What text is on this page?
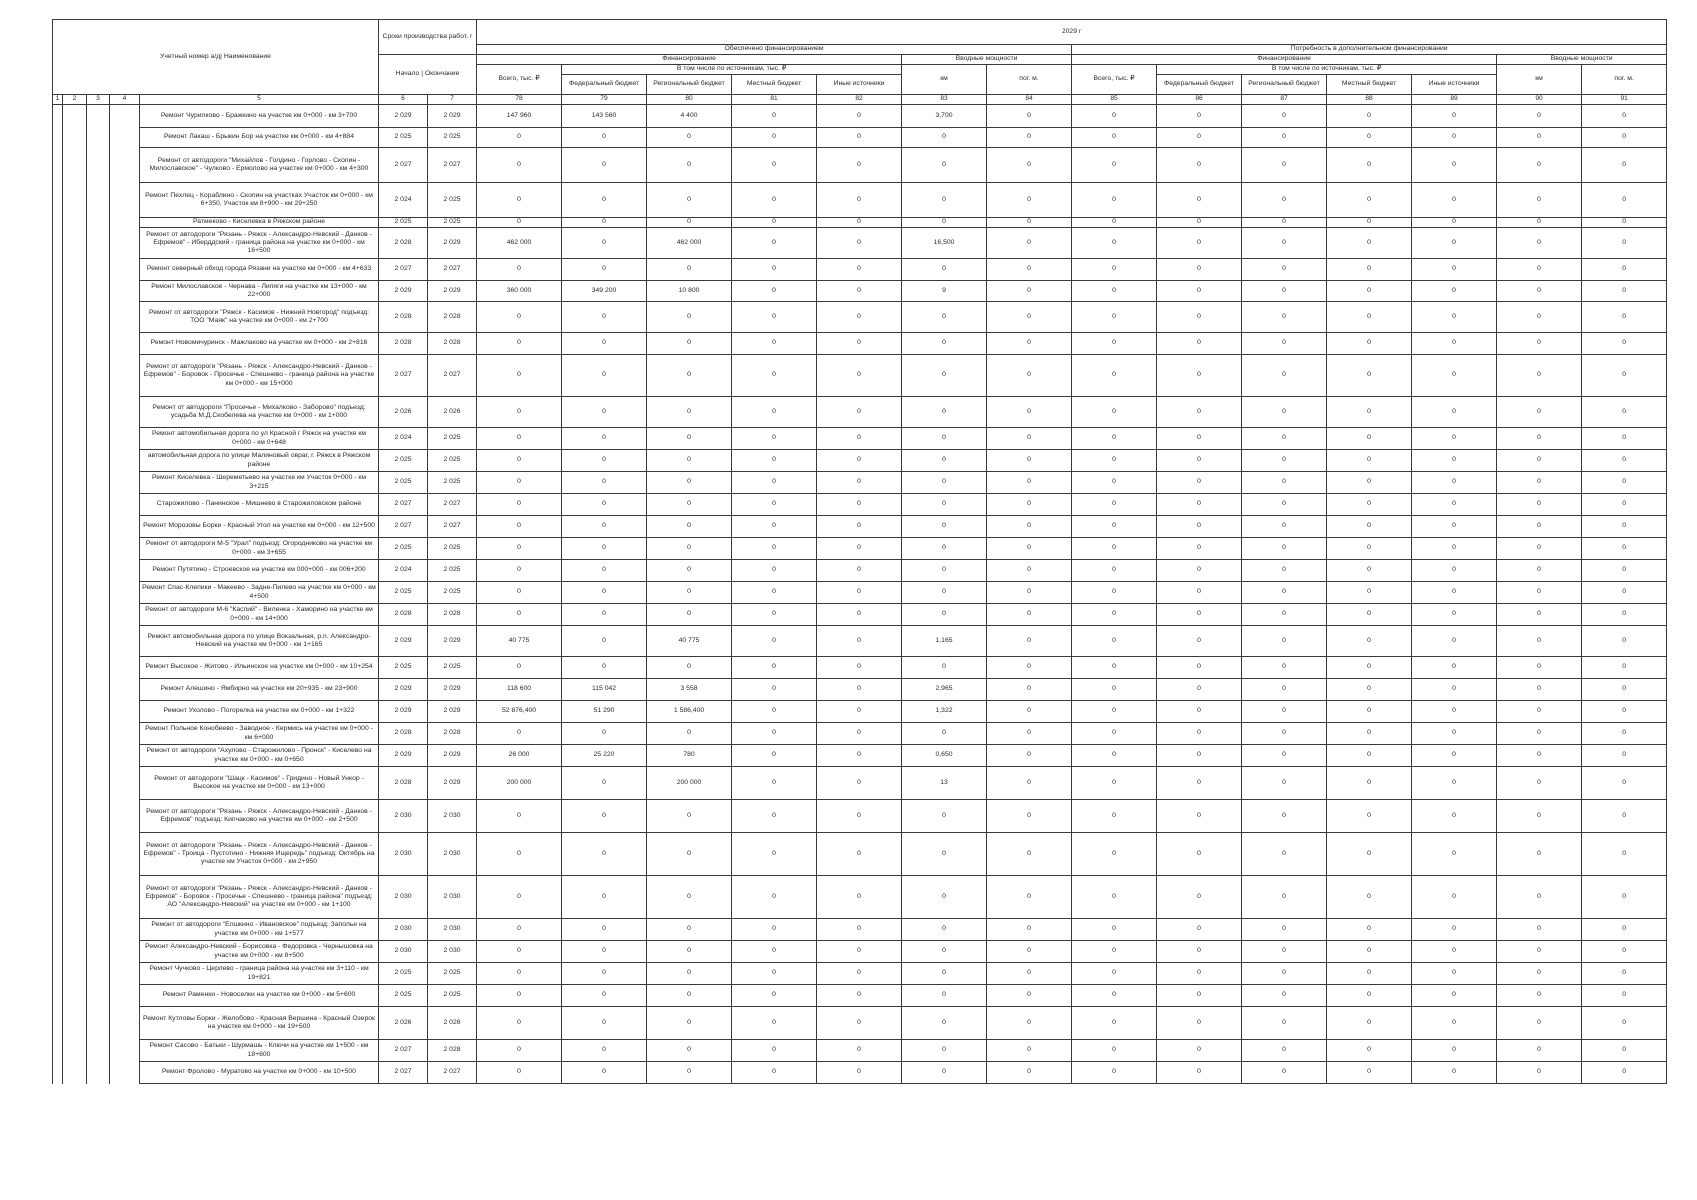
Учетный номер а/д| Наименование					Сроки производства работ, г		2029 г													
							Обеспечено финансированием							Потребность в дополнительном финансировании						
					Начало | Окончание		Финансирование					Вводные мощности		Финансирование					Вводные мощности	
							Всего, тыс. ₽	В том числе по источникам, тыс. ₽				км	пог. м.	Всего, тыс. ₽	В том числе по источникам, тыс. ₽				км	пог. м.
								Федеральный бюджет	Региональный бюджет	Местный бюджет	Иные источники				Федеральный бюджет	Региональный бюджет	Местный бюджет	Иные источники		
1	2	3	4	5	6	7	78	79	80	81	82	83	84	85	86	87	88	89	90	91
				Ремонт Чурилково - Бражкино на участке км 0+000 - км 3+700	2 029	2 029	147 960	143 560	4 400	0	0	3,700	0	0	0	0	0	0	0	0
				Ремонт Лакаш - Брыкин Бор на участке км 0+000 - км 4+884	2 025	2 025	0	0	0	0	0	0	0	0	0	0	0	0	0	0
				Ремонт от автодороги "Михайлов - Голдино - Горлово - Скопин - Милославское" - Чулково - Ермолово на участке км 0+000 - км 4+300	2 027	2 027	0	0	0	0	0	0	0	0	0	0	0	0	0	0
				Ремонт Пехлец - Кораблино - Скопин на участках Участок км 0+000 - км 6+350, Участок км 8+900 - км 29+250	2 024	2 025	0	0	0	0	0	0	0	0	0	0	0	0	0	0
				Ратмеково - Киселевка в Ряжском районе	2 025	2 025	0	0	0	0	0	0	0	0	0	0	0	0	0	0
				Ремонт от автодороги "Рязань - Ряжск - Александро-Невский - Данков - Ефремов" - Иберддский - граница района на участке км 0+000 - км 16+500	2 028	2 029	462 000	0	462 000	0	0	16,500	0	0	0	0	0	0	0	0
				Ремонт северный обход города Рязани на участке км 0+000 - км 4+633	2 027	2 027	0	0	0	0	0	0	0	0	0	0	0	0	0	0
				Ремонт Милославское - Чернава - Липяги на участке км 13+000 - км 22+000	2 029	2 029	360 000	349 200	10 800	0	0	9	0	0	0	0	0	0	0	0
				Ремонт от автодороги "Ряжск - Касимов - Нижний Новгород" подъезд: ТОО "Маяк" на участке км 0+000 - км 2+700	2 028	2 028	0	0	0	0	0	0	0	0	0	0	0	0	0	0
				Ремонт Новомичуринск - Мажлаково на участке км 0+000 - км 2+816	2 028	2 028	0	0	0	0	0	0	0	0	0	0	0	0	0	0
				Ремонт от автодороги "Рязань - Ряжск - Александро-Невский - Данков - Ефремов" - Боровок - Просечье - Спешнево - граница района на участке км 0+000 - км 15+000	2 027	2 027	0	0	0	0	0	0	0	0	0	0	0	0	0	0
				Ремонт от автодороги "Просечье - Михалково - Заборово" подъезд: усадьба М.Д.Скобелева на участке км 0+000 - км 1+000	2 026	2 026	0	0	0	0	0	0	0	0	0	0	0	0	0	0
				Ремонт автомобильная дорога по ул Красной г Ряжск на участке км 0+000 - км 0+648	2 024	2 025	0	0	0	0	0	0	0	0	0	0	0	0	0	0
				автомобильная дорога по улице Малиновый овраг, г. Ряжск в Ряжском районе	2 025	2 025	0	0	0	0	0	0	0	0	0	0	0	0	0	0
				Ремонт Киселевка - Шереметьево на участке км Участок 0+000 - км 3+215	2 025	2 025	0	0	0	0	0	0	0	0	0	0	0	0	0	0
				Старожилово - Панинское - Мишнево в Старожиловском районе	2 027	2 027	0	0	0	0	0	0	0	0	0	0	0	0	0	0
				Ремонт Морозовы Борки - Красный Угол на участке км 0+000 - км 12+500	2 027	2 027	0	0	0	0	0	0	0	0	0	0	0	0	0	0
				Ремонт от автодороги М-5 "Урал" подъезд: Огородниково на участке км 0+000 - км 3+655	2 025	2 025	0	0	0	0	0	0	0	0	0	0	0	0	0	0
				Ремонт Путятино - Строевское на участке км 000+000 - км 006+200	2 024	2 025	0	0	0	0	0	0	0	0	0	0	0	0	0	0
				Ремонт Спас-Клепики - Макеево - Задне-Пилево на участке км 0+000 - км 4+500	2 025	2 025	0	0	0	0	0	0	0	0	0	0	0	0	0	0
				Ремонт от автодороги М-6 "Каспий" - Виленка - Хаморино на участке км 0+000 - км 14+000	2 028	2 028	0	0	0	0	0	0	0	0	0	0	0	0	0	0
				Ремонт автомобильная дорога по улице Вокзальная, р.п. Александро-Невский на участке км 0+000 - км 1+165	2 029	2 029	40 775	0	40 775	0	0	1,165	0	0	0	0	0	0	0	0
				Ремонт Высокое - Житово - Ильинское на участке км 0+000 - км 10+254	2 025	2 025	0	0	0	0	0	0	0	0	0	0	0	0	0	0
				Ремонт Алешино - Ямбирно на участке км 20+935 - км 23+900	2 029	2 029	118 600	115 042	3 558	0	0	2,965	0	0	0	0	0	0	0	0
				Ремонт Ухолово - Погорелка на участке км 0+000 - км 1+322	2 029	2 029	52 876,400	51 290	1 586,400	0	0	1,322	0	0	0	0	0	0	0	0
				Ремонт Польное Конобеево - Заводное - Кермись на участке км 0+000 - км 6+000	2 028	2 028	0	0	0	0	0	0	0	0	0	0	0	0	0	0
				Ремонт от автодороги "Ахулово - Старожилово - Пронск" - Киселево на участке км 0+000 - км 0+650	2 029	2 029	26 000	25 220	780	0	0	0,650	0	0	0	0	0	0	0	0
				Ремонт от автодороги "Шацк - Касимов" - Гридино - Новый Ункор - Высокое на участке км 0+000 - км 13+000	2 028	2 029	200 000	0	200 000	0	0	13	0	0	0	0	0	0	0	0
				Ремонт от автодороги "Рязань - Ряжск - Александро-Невский - Данков - Ефремов" подъезд: Кипчаково на участке км 0+000 - км 2+500	2 030	2 030	0	0	0	0	0	0	0	0	0	0	0	0	0	0
				Ремонт от автодороги "Рязань - Ряжск - Александро-Невский - Данков - Ефремов" - Троица - Пустотино - Нижняя Ищередь" подъезд: Октябрь на участке км Участок 0+000 - км 2+950	2 030	2 030	0	0	0	0	0	0	0	0	0	0	0	0	0	0
				Ремонт от автодороги "Рязань - Ряжск - Александро-Невский - Данков - Ефремов" - Боровок - Просечье - Спешнево - граница района" подъезд: АО "Александро-Невский" на участке км 0+000 - км 1+100	2 030	2 030	0	0	0	0	0	0	0	0	0	0	0	0	0	0
				Ремонт от автодороги "Елшкино - Ивановское" подъезд: Заполье на участке км 0+000 - км 1+577	2 030	2 030	0	0	0	0	0	0	0	0	0	0	0	0	0	0
				Ремонт Александро-Невский - Борисовка - Федоровка - Чернышовка на участке км 0+000 - км 8+500	2 030	2 030	0	0	0	0	0	0	0	0	0	0	0	0	0	0
				Ремонт Чучково - Церлево - граница района на участке км 3+110 - км 19+821	2 025	2 025	0	0	0	0	0	0	0	0	0	0	0	0	0	0
				Ремонт Раменки - Новоселки на участке км 0+000 - км 5+600	2 025	2 025	0	0	0	0	0	0	0	0	0	0	0	0	0	0
				Ремонт Кутловы Борки - Желобово - Красная Вершина - Красный Озерок на участке км 0+000 - км 19+500	2 026	2 026	0	0	0	0	0	0	0	0	0	0	0	0	0	0
				Ремонт Сасово - Батьки - Шурмашь - Ключи на участке км 1+500 - км 18+600	2 027	2 028	0	0	0	0	0	0	0	0	0	0	0	0	0	0
				Ремонт Фролово - Муратово на участке км 0+000 - км 10+500	2 027	2 027	0	0	0	0	0	0	0	0	0	0	0	0	0	0
